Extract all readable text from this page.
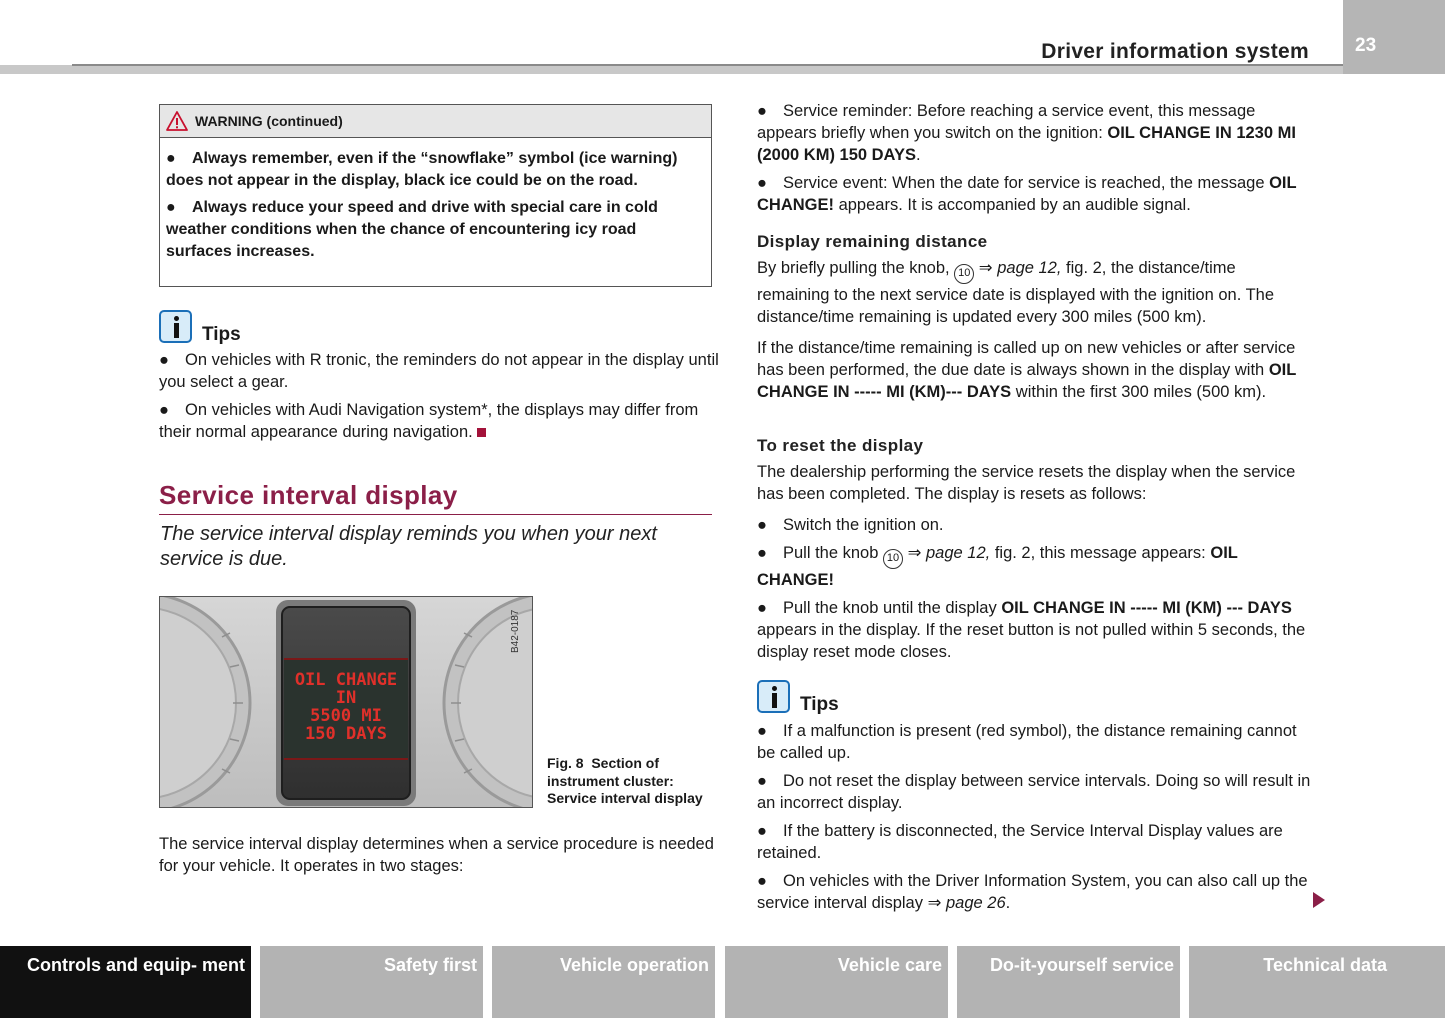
Driver information system 23
WARNING (continued)

● Always remember, even if the “snowflake” symbol (ice warning) does not appear in the display, black ice could be on the road.

● Always reduce your speed and drive with special care in cold weather conditions when the chance of encountering icy road surfaces increases.

Tips

● On vehicles with R tronic, the reminders do not appear in the display until you select a gear.

● On vehicles with Audi Navigation system*, the displays may differ from their normal appearance during navigation.

Service interval display
The service interval display reminds you when your next service is due.
OIL CHANGE
IN
5500 MI
150 DAYS
B42-0187
Fig. 8 Section of instrument cluster: Service interval display
The service interval display determines when a service procedure is needed for your vehicle. It operates in two stages:

● Service reminder: Before reaching a service event, this message appears briefly when you switch on the ignition: OIL CHANGE IN 1230 MI (2000 KM) 150 DAYS.

● Service event: When the date for service is reached, the message OIL CHANGE! appears. It is accompanied by an audible signal.

Display remaining distance

By briefly pulling the knob, 10 ⇒ page 12, fig. 2, the distance/time remaining to the next service date is displayed with the ignition on. The distance/time remaining is updated every 300 miles (500 km).

If the distance/time remaining is called up on new vehicles or after service has been performed, the due date is always shown in the display with OIL CHANGE IN ----- MI (KM)--- DAYS within the first 300 miles (500 km).

To reset the display

The dealership performing the service resets the display when the service has been completed. The display is resets as follows:

● Switch the ignition on.

● Pull the knob 10 ⇒ page 12, fig. 2, this message appears: OIL CHANGE!

● Pull the knob until the display OIL CHANGE IN ----- MI (KM) --- DAYS appears in the display. If the reset button is not pulled within 5 seconds, the display reset mode closes.

Tips

● If a malfunction is present (red symbol), the distance remaining cannot be called up.

● Do not reset the display between service intervals. Doing so will result in an incorrect display.

● If the battery is disconnected, the Service Interval Display values are retained.

● On vehicles with the Driver Information System, you can also call up the service interval display ⇒ page 26.

Controls and equip- ment	Safety first	Vehicle operation	Vehicle care	Do-it-yourself service	Technical data
